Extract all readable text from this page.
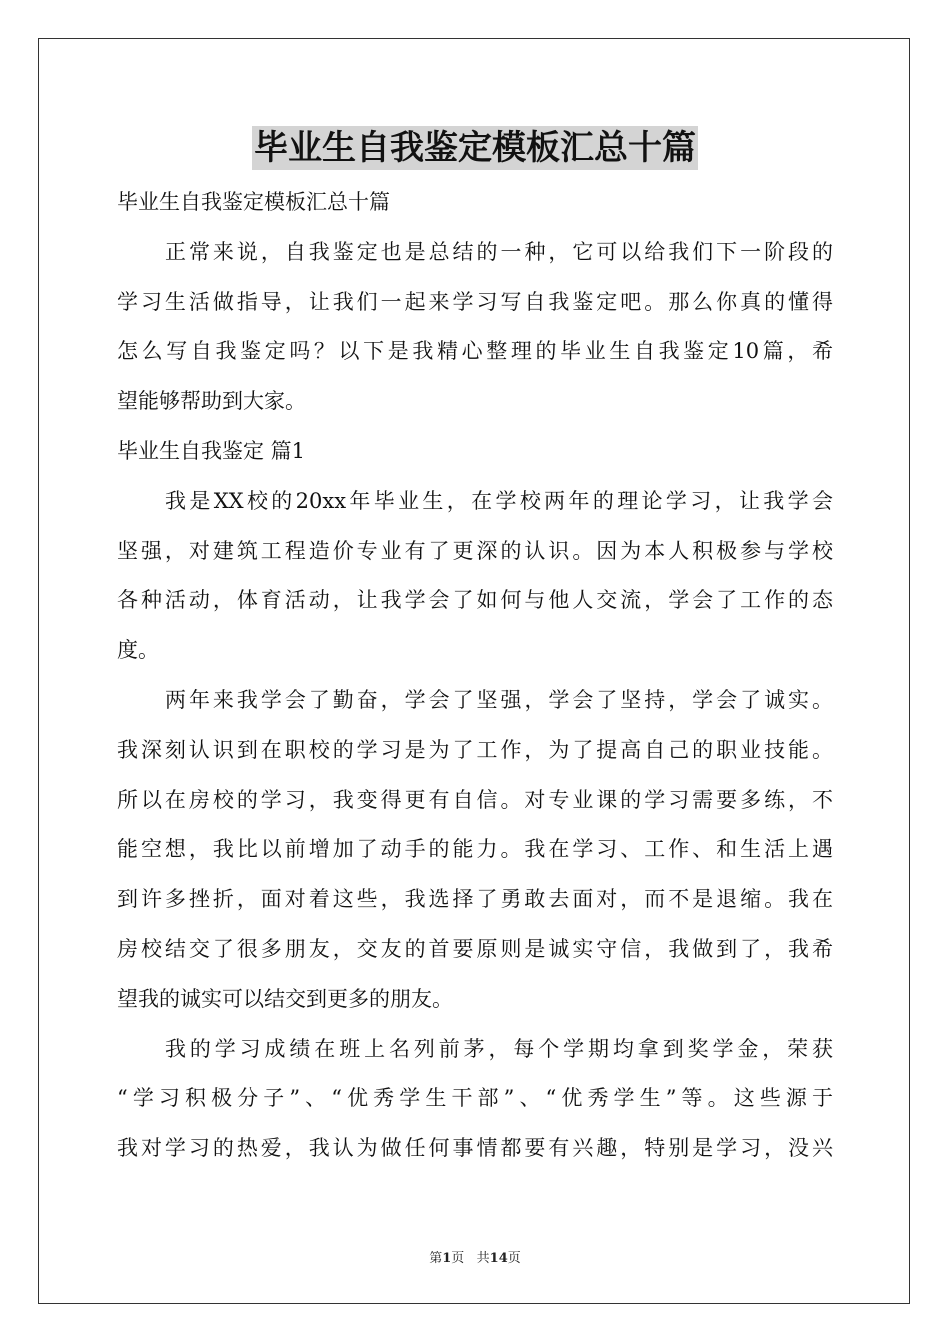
毕业生自我鉴定模板汇总十篇
毕业生自我鉴定模板汇总十篇
正常来说，自我鉴定也是总结的一种，它可以给我们下一阶段的
学习生活做指导，让我们一起来学习写自我鉴定吧。那么你真的懂得
怎么写自我鉴定吗？以下是我精心整理的毕业生自我鉴定10篇，希
望能够帮助到大家。
毕业生自我鉴定 篇1
我是XX校的20xx年毕业生，在学校两年的理论学习，让我学会
坚强，对建筑工程造价专业有了更深的认识。因为本人积极参与学校
各种活动，体育活动，让我学会了如何与他人交流，学会了工作的态
度。
两年来我学会了勤奋，学会了坚强，学会了坚持，学会了诚实。
我深刻认识到在职校的学习是为了工作，为了提高自己的职业技能。
所以在房校的学习，我变得更有自信。对专业课的学习需要多练，不
能空想，我比以前增加了动手的能力。我在学习、工作、和生活上遇
到许多挫折，面对着这些，我选择了勇敢去面对，而不是退缩。我在
房校结交了很多朋友，交友的首要原则是诚实守信，我做到了，我希
望我的诚实可以结交到更多的朋友。
我的学习成绩在班上名列前茅，每个学期均拿到奖学金，荣获
“学习积极分子”、“优秀学生干部”、“优秀学生”等。这些源于
我对学习的热爱，我认为做任何事情都要有兴趣，特别是学习，没兴
第1页   共14页
